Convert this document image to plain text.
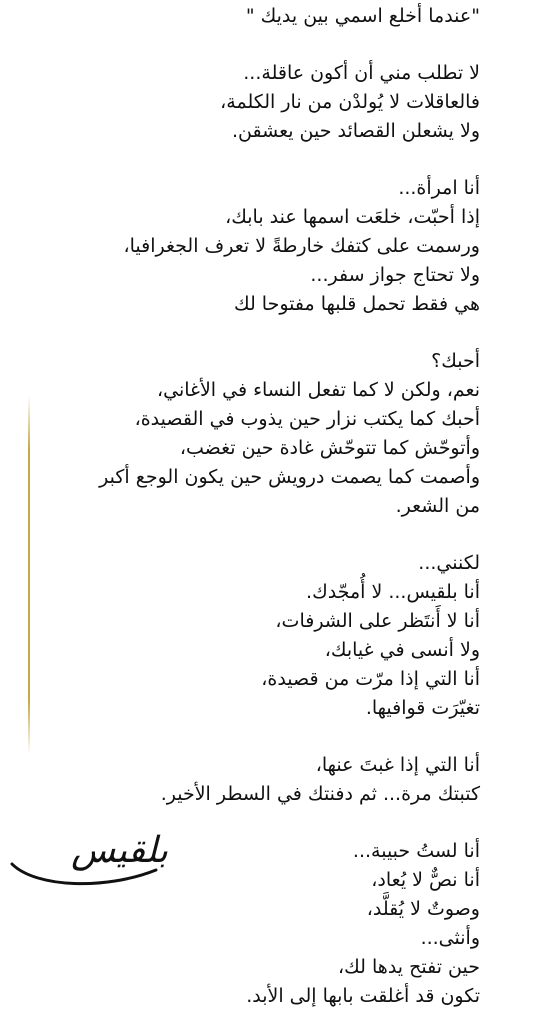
"عندما أخلع اسمي بين يديك "
لا تطلب مني أن أكون عاقلة...
فالعاقلات لا يُولدْن من نار الكلمة،
ولا يشعلن القصائد حين يعشقن.
أنا امرأة...
إذا أحبّت، خلعَت اسمها عند بابك،
ورسمت على كتفك خارطةً لا تعرف الجغرافيا،
ولا تحتاج جواز سفر...
هي فقط تحمل قلبها مفتوحا لك
أحبك؟
نعم، ولكن لا كما تفعل النساء في الأغاني،
أحبك كما يكتب نزار حين يذوب في القصيدة،
وأتوحّش كما تتوحّش غادة حين تغضب،
وأصمت كما يصمت درويش حين يكون الوجع أكبر
من الشعر.
لكنني...
أنا بلقيس... لا أُمجّدك.
أنا لا أَنتَظر على الشرفات،
ولا أنسى في غيابك،
أنا التي إذا مرّت من قصيدة،
تغيّرَت قوافيها.
أنا التي إذا غبتَ عنها،
كتبتك مرة... ثم دفنتك في السطر الأخير.
أنا لستُ حبيبة...
أنا نصٌّ لا يُعاد،
وصوتٌ لا يُقلَّد،
وأنثى...
حين تفتح يدها لك،
تكون قد أغلقت بابها إلى الأبد.
بلقيس
